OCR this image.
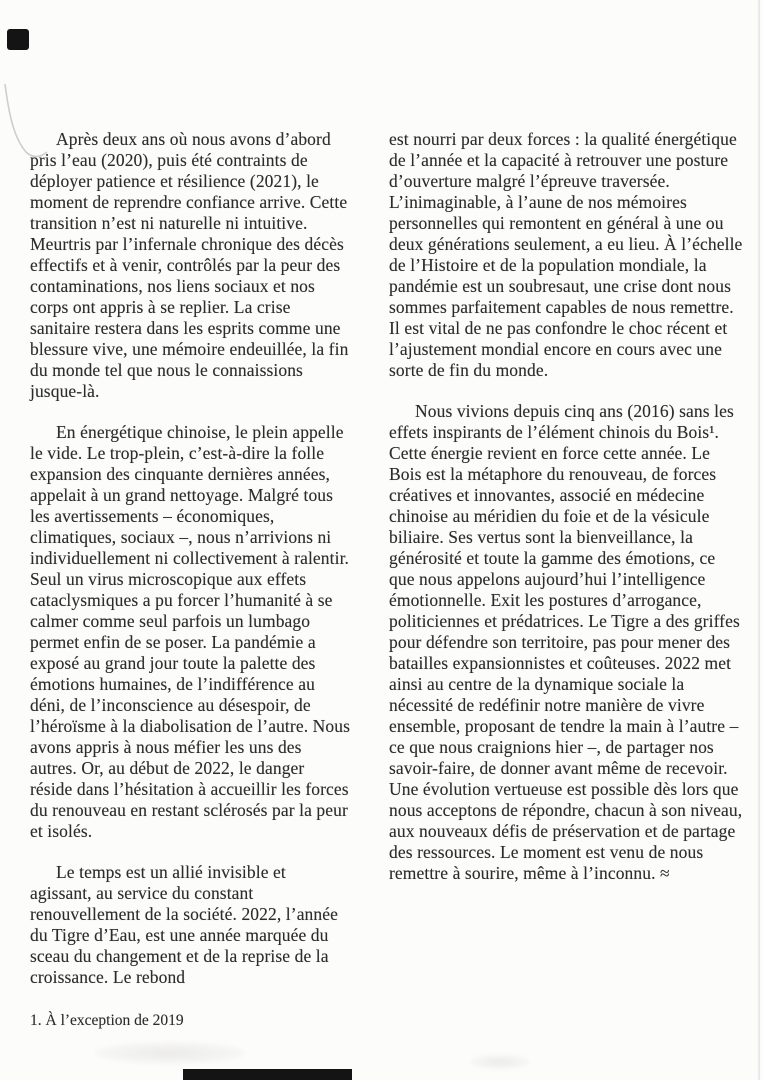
Après deux ans où nous avons d’abord pris l’eau (2020), puis été contraints de déployer patience et résilience (2021), le moment de reprendre confiance arrive. Cette transition n’est ni naturelle ni intuitive. Meurtris par l’infernale chronique des décès effectifs et à venir, contrôlés par la peur des contaminations, nos liens sociaux et nos corps ont appris à se replier. La crise sanitaire restera dans les esprits comme une blessure vive, une mémoire endeuillée, la fin du monde tel que nous le connaissions jusque-là.

En énergétique chinoise, le plein appelle le vide. Le trop-plein, c’est-à-dire la folle expansion des cinquante dernières années, appelait à un grand nettoyage. Malgré tous les avertissements – économiques, climatiques, sociaux –, nous n’arrivions ni individuellement ni collectivement à ralentir. Seul un virus microscopique aux effets cataclysmiques a pu forcer l’humanité à se calmer comme seul parfois un lumbago permet enfin de se poser. La pandémie a exposé au grand jour toute la palette des émotions humaines, de l’indifférence au déni, de l’inconscience au désespoir, de l’héroïsme à la diabolisation de l’autre. Nous avons appris à nous méfier les uns des autres. Or, au début de 2022, le danger réside dans l’hésitation à accueillir les forces du renouveau en restant sclérosés par la peur et isolés.

Le temps est un allié invisible et agissant, au service du constant renouvellement de la société. 2022, l’année du Tigre d’Eau, est une année marquée du sceau du changement et de la reprise de la croissance. Le rebond

est nourri par deux forces : la qualité énergétique de l’année et la capacité à retrouver une posture d’ouverture malgré l’épreuve traversée. L’inimaginable, à l’aune de nos mémoires personnelles qui remontent en général à une ou deux générations seulement, a eu lieu. À l’échelle de l’Histoire et de la population mondiale, la pandémie est un soubresaut, une crise dont nous sommes parfaitement capables de nous remettre. Il est vital de ne pas confondre le choc récent et l’ajustement mondial encore en cours avec une sorte de fin du monde.

Nous vivions depuis cinq ans (2016) sans les effets inspirants de l’élément chinois du Bois¹. Cette énergie revient en force cette année. Le Bois est la métaphore du renouveau, de forces créatives et innovantes, associé en médecine chinoise au méridien du foie et de la vésicule biliaire. Ses vertus sont la bienveillance, la générosité et toute la gamme des émotions, ce que nous appelons aujourd’hui l’intelligence émotionnelle. Exit les postures d’arrogance, politiciennes et prédatrices. Le Tigre a des griffes pour défendre son territoire, pas pour mener des batailles expansionnistes et coûteuses. 2022 met ainsi au centre de la dynamique sociale la nécessité de redéfinir notre manière de vivre ensemble, proposant de tendre la main à l’autre – ce que nous craignions hier –, de partager nos savoir-faire, de donner avant même de recevoir. Une évolution vertueuse est possible dès lors que nous acceptons de répondre, chacun à son niveau, aux nouveaux défis de préservation et de partage des ressources. Le moment est venu de nous remettre à sourire, même à l’inconnu. ≈

1. À l’exception de 2019
